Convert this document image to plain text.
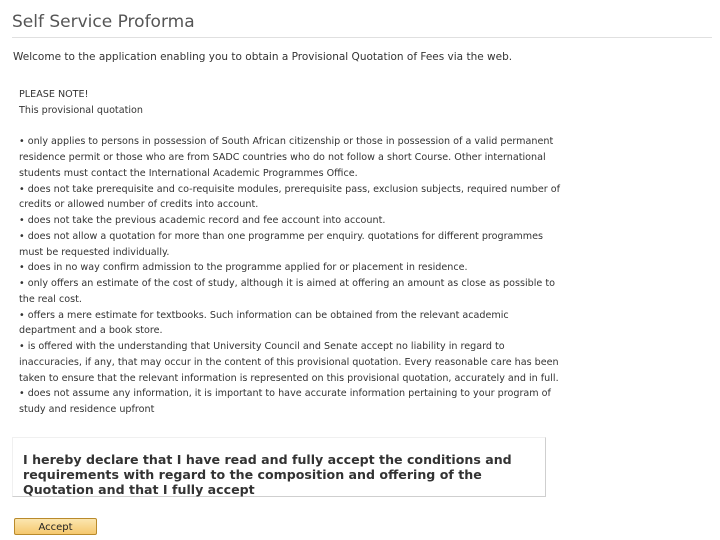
Self Service Proforma
Welcome to the application enabling you to obtain a Provisional Quotation of Fees via the web.

PLEASE NOTE!

This provisional quotation

• only applies to persons in possession of South African citizenship or those in possession of a valid permanent residence permit or those who are from SADC countries who do not follow a short Course. Other international students must contact the International Academic Programmes Office.

• does not take prerequisite and co-requisite modules, prerequisite pass, exclusion subjects, required number of credits or allowed number of credits into account.

• does not take the previous academic record and fee account into account.

• does not allow a quotation for more than one programme per enquiry. quotations for different programmes must be requested individually.

• does in no way confirm admission to the programme applied for or placement in residence.

• only offers an estimate of the cost of study, although it is aimed at offering an amount as close as possible to the real cost.

• offers a mere estimate for textbooks. Such information can be obtained from the relevant academic department and a book store.

• is offered with the understanding that University Council and Senate accept no liability in regard to inaccuracies, if any, that may occur in the content of this provisional quotation. Every reasonable care has been taken to ensure that the relevant information is represented on this provisional quotation, accurately and in full.

• does not assume any information, it is important to have accurate information pertaining to your program of study and residence upfront

I hereby declare that I have read and fully accept the conditions and requirements with regard to the composition and offering of the Quotation and that I fully accept
Accept
